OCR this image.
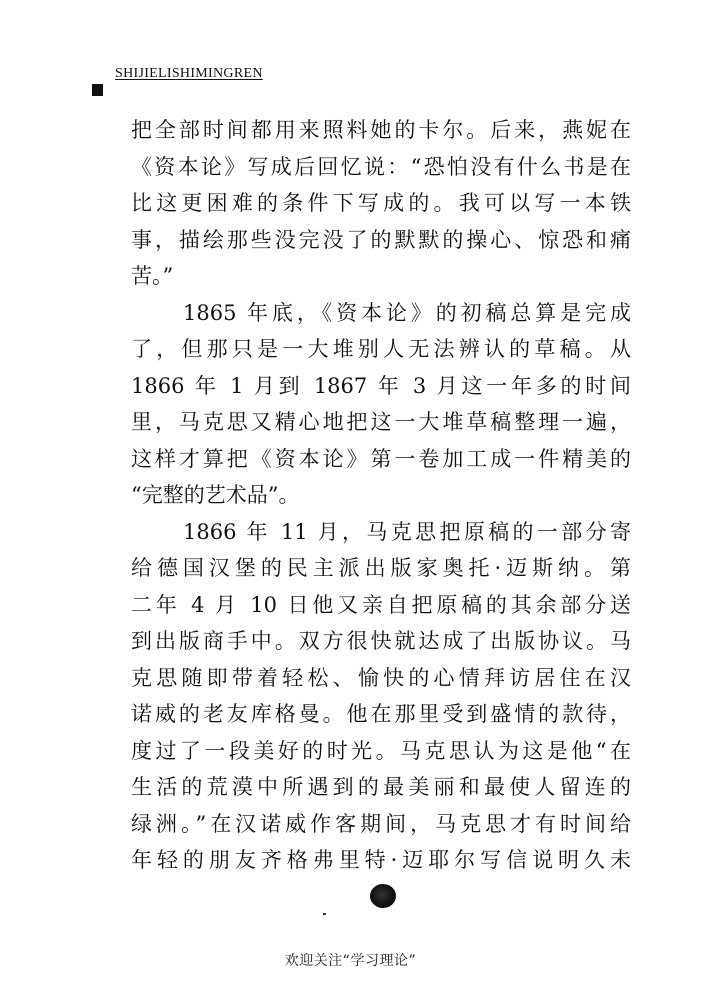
SHIJIELISHIMINGREN
把全部时间都用来照料她的卡尔。后来，燕妮在
《资本论》写成后回忆说：“恐怕没有什么书是在
比这更困难的条件下写成的。我可以写一本铁
事，描绘那些没完没了的默默的操心、惊恐和痛
苦。”
1865 年底，《资本论》的初稿总算是完成
了，但那只是一大堆别人无法辨认的草稿。从
1866 年 1 月到 1867 年 3 月这一年多的时间
里，马克思又精心地把这一大堆草稿整理一遍，
这样才算把《资本论》第一卷加工成一件精美的
“完整的艺术品”。
1866 年 11 月，马克思把原稿的一部分寄
给德国汉堡的民主派出版家奥托·迈斯纳。第
二年 4 月 10 日他又亲自把原稿的其余部分送
到出版商手中。双方很快就达成了出版协议。马
克思随即带着轻松、愉快的心情拜访居住在汉
诺威的老友库格曼。他在那里受到盛情的款待，
度过了一段美好的时光。马克思认为这是他“在
生活的荒漠中所遇到的最美丽和最使人留连的
绿洲。”在汉诺威作客期间，马克思才有时间给
年轻的朋友齐格弗里特·迈耶尔写信说明久未
欢迎关注“学习理论”
